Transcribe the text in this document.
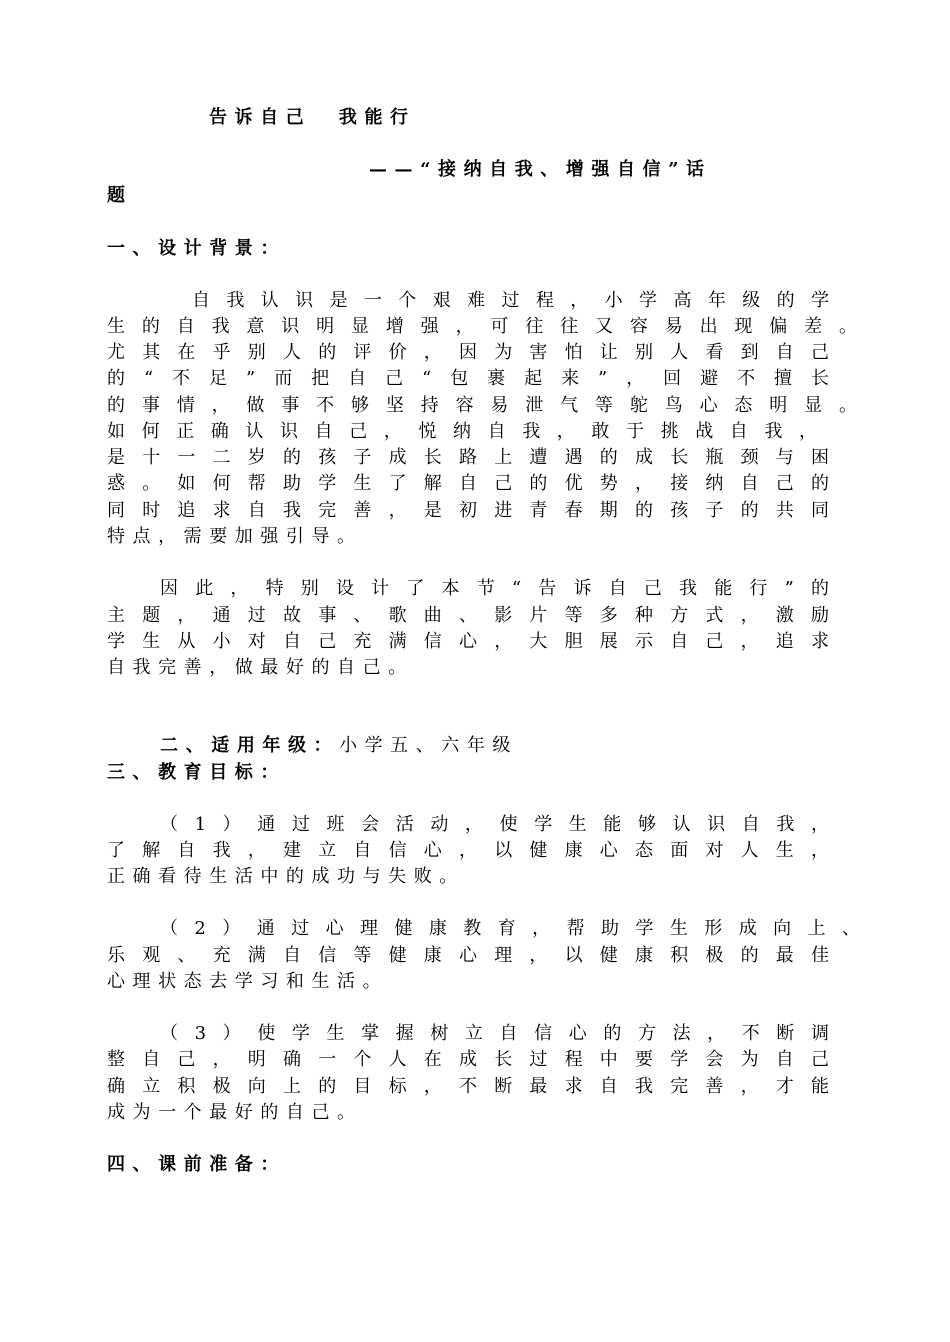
告诉自己  我能行
——“接纳自我、增强自信”话
题
一、设计背景：
自我认识是一个艰难过程，小学高年级的学
生的自我意识明显增强，可往往又容易出现偏差。
尤其在乎别人的评价，因为害怕让别人看到自己
的“不足”而把自己“包裹起来”，回避不擅长
的事情，做事不够坚持容易泄气等鸵鸟心态明显。
如何正确认识自己，悦纳自我，敢于挑战自我，
是十一二岁的孩子成长路上遭遇的成长瓶颈与困
惑。如何帮助学生了解自己的优势，接纳自己的
同时追求自我完善，是初进青春期的孩子的共同
特点，需要加强引导。
因此，特别设计了本节“告诉自己我能行”的
主题，通过故事、歌曲、影片等多种方式，激励
学生从小对自己充满信心，大胆展示自己，追求
自我完善，做最好的自己。

二、适用年级：小学五、六年级

三、教育目标：
（1）通过班会活动，使学生能够认识自我，
了解自我，建立自信心，以健康心态面对人生，
正确看待生活中的成功与失败。
（2）通过心理健康教育，帮助学生形成向上、
乐观、充满自信等健康心理，以健康积极的最佳
心理状态去学习和生活。
（3）使学生掌握树立自信心的方法，不断调
整自己，明确一个人在成长过程中要学会为自己
确立积极向上的目标，不断最求自我完善，才能
成为一个最好的自己。
四、课前准备：
